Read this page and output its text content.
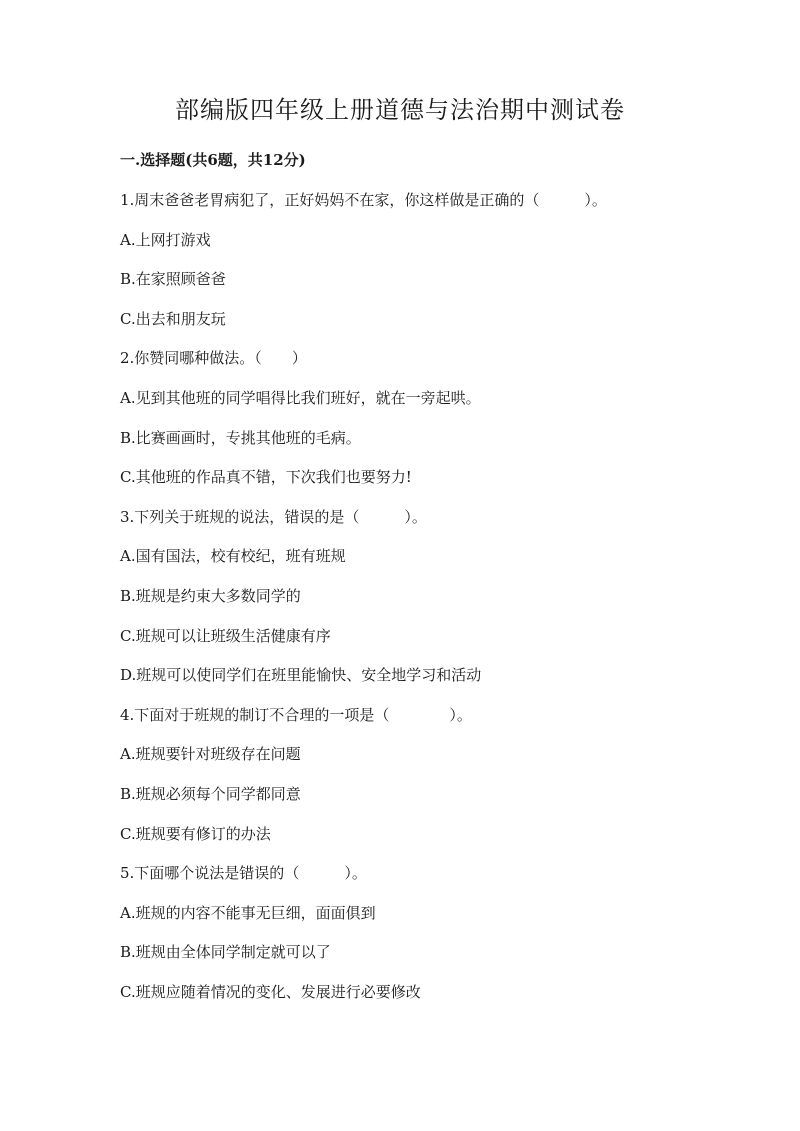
部编版四年级上册道德与法治期中测试卷
一.选择题(共6题，共12分)
1.周末爸爸老胃病犯了，正好妈妈不在家，你这样做是正确的（　　　）。
A.上网打游戏
B.在家照顾爸爸
C.出去和朋友玩
2.你赞同哪种做法。（　　）
A.见到其他班的同学唱得比我们班好，就在一旁起哄。
B.比赛画画时，专挑其他班的毛病。
C.其他班的作品真不错，下次我们也要努力!
3.下列关于班规的说法，错误的是（　　　）。
A.国有国法，校有校纪，班有班规
B.班规是约束大多数同学的
C.班规可以让班级生活健康有序
D.班规可以使同学们在班里能愉快、安全地学习和活动
4.下面对于班规的制订不合理的一项是（　　　　）。
A.班规要针对班级存在问题
B.班规必须每个同学都同意
C.班规要有修订的办法
5.下面哪个说法是错误的（　　　）。
A.班规的内容不能事无巨细，面面俱到
B.班规由全体同学制定就可以了
C.班规应随着情况的变化、发展进行必要修改
